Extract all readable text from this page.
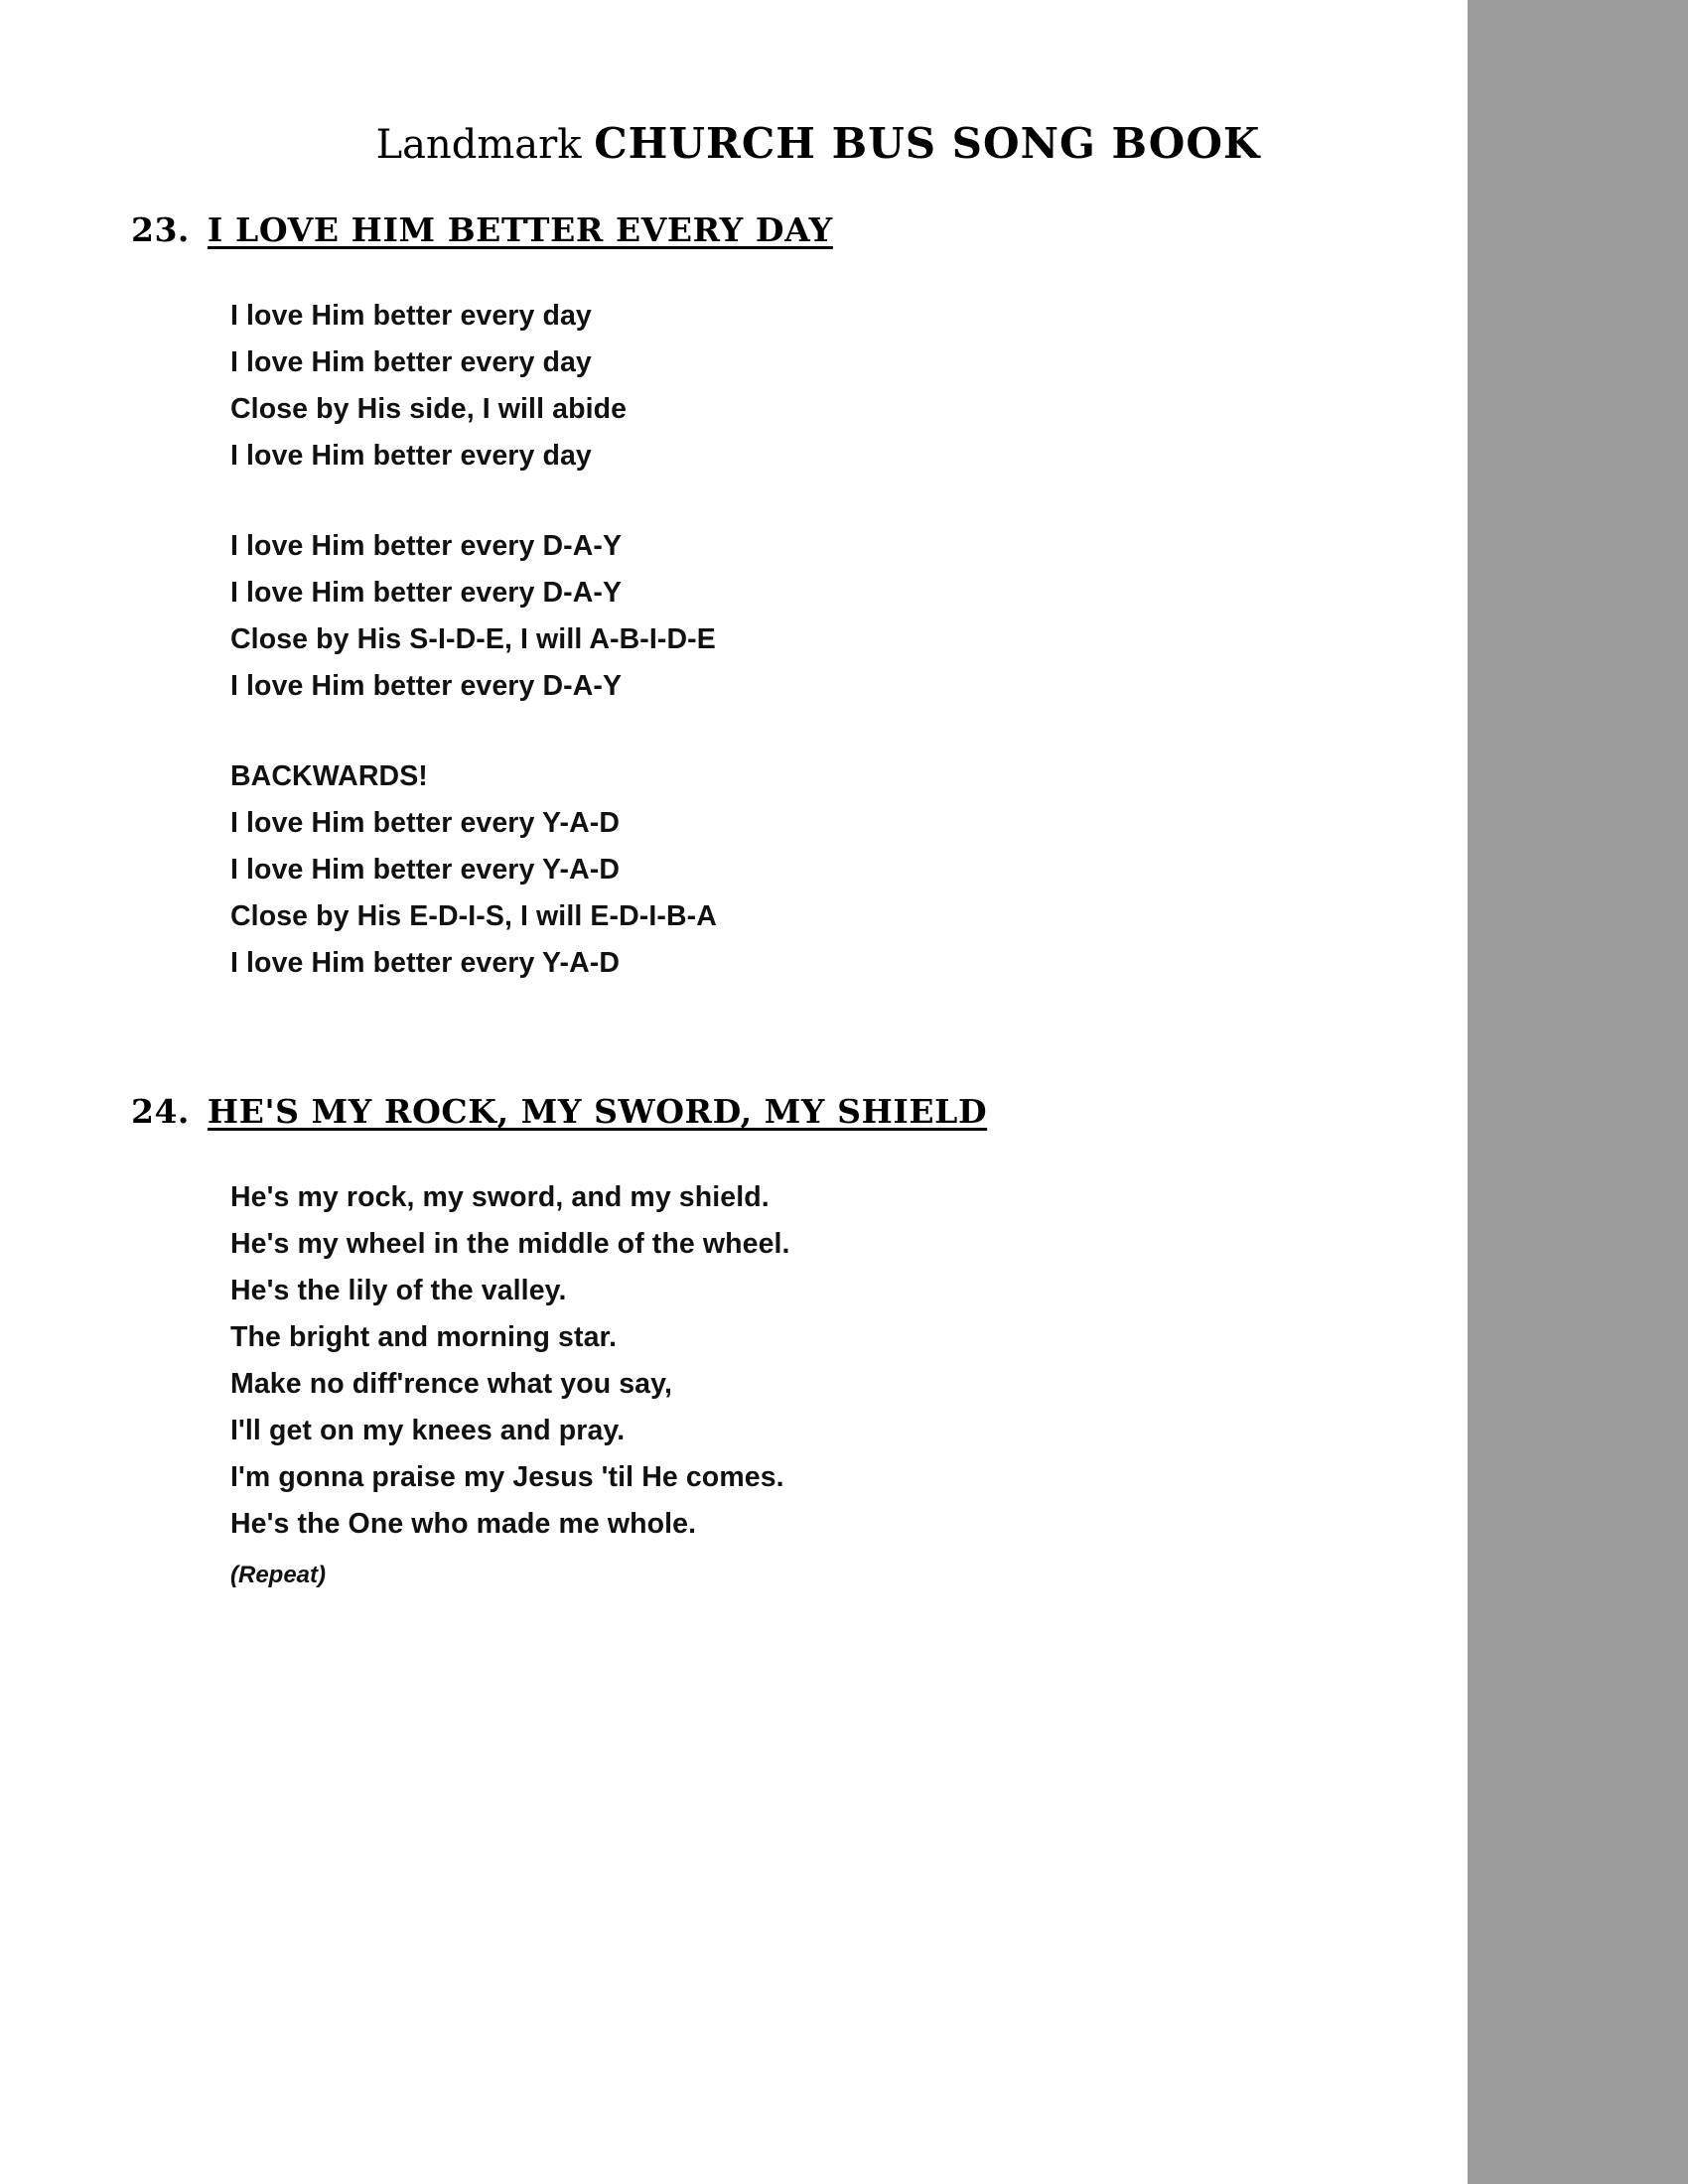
Landmark CHURCH BUS SONG BOOK
23. I LOVE HIM BETTER EVERY DAY
I love Him better every day
I love Him better every day
Close by His side, I will abide
I love Him better every day
I love Him better every D-A-Y
I love Him better every D-A-Y
Close by His S-I-D-E, I will A-B-I-D-E
I love Him better every D-A-Y
BACKWARDS!
I love Him better every Y-A-D
I love Him better every Y-A-D
Close by His E-D-I-S, I will E-D-I-B-A
I love Him better every Y-A-D
24. HE'S MY ROCK, MY SWORD, MY SHIELD
He's my rock, my sword, and my shield.
He's my wheel in the middle of the wheel.
He's the lily of the valley.
The bright and morning star.
Make no diff'rence what you say,
I'll get on my knees and pray.
I'm gonna praise my Jesus 'til He comes.
He's the One who made me whole.
(Repeat)
